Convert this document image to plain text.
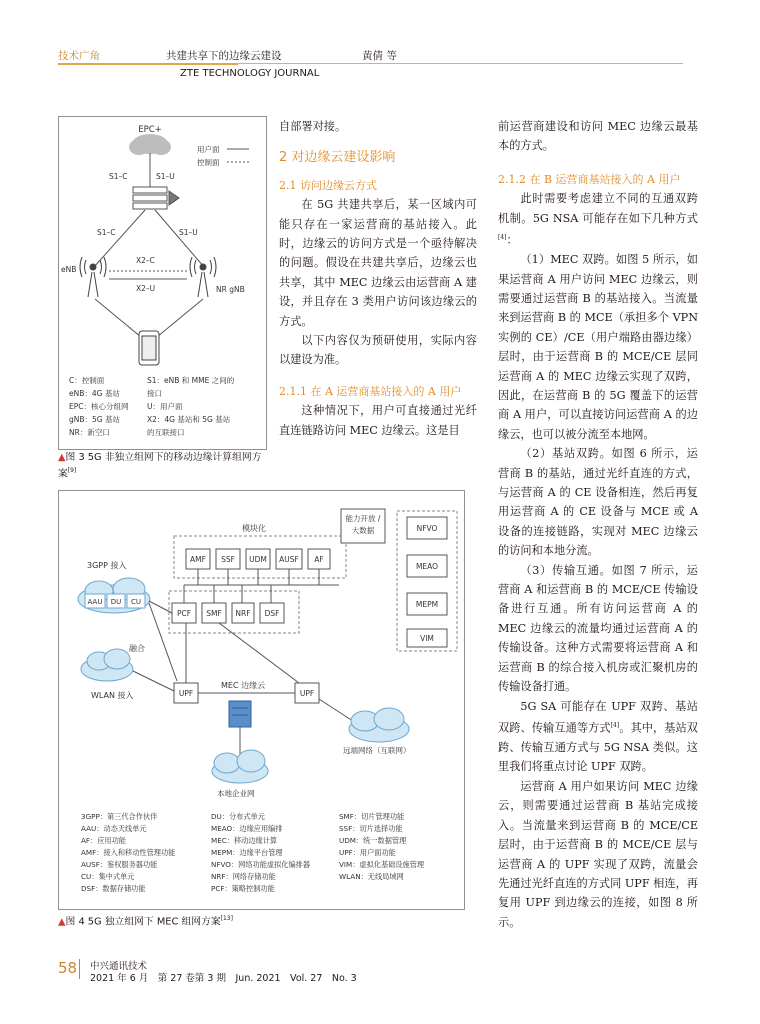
技术广角	共建共享下的边缘云建设	黄倩 等
ZTE TECHNOLOGY JOURNAL
EPC+
用户面
控制面
S1–C	S1–U
S1–C	S1–U
eNB
NR gNB
X2–C
X2–U
C：控制面
eNB：4G 基站
EPC：核心分组网
gNB：5G 基站
NR：新空口
S1：eNB 和 MME 之间的
接口
U：用户面
X2：4G 基站和 5G 基站
的互联接口
▲图 3 5G 非独立组网下的移动边缘计算组网方案[9]

自部署对接。

2 对边缘云建设影响

2.1 访问边缘云方式

在 5G 共建共享后，某一区域内可能只存在一家运营商的基站接入。此时，边缘云的访问方式是一个亟待解决的问题。假设在共建共享后，边缘云也共享，其中 MEC 边缘云由运营商 A 建设，并且存在 3 类用户访问该边缘云的方式。

以下内容仅为预研使用，实际内容以建设为准。

2.1.1 在 A 运营商基站接入的 A 用户

这种情况下，用户可直接通过光纤直连链路访问 MEC 边缘云。这是目

前运营商建设和访问 MEC 边缘云最基本的方式。

2.1.2 在 B 运营商基站接入的 A 用户

此时需要考虑建立不同的互通双跨机制。5G NSA 可能存在如下几种方式[4]：

（1）MEC 双跨。如图 5 所示，如果运营商 A 用户访问 MEC 边缘云，则需要通过运营商 B 的基站接入。当流量来到运营商 B 的 MCE（承担多个 VPN 实例的 CE）/CE（用户端路由器边缘）层时，由于运营商 B 的 MCE/CE 层同运营商 A 的 MEC 边缘云实现了双跨，因此，在运营商 B 的 5G 覆盖下的运营商 A 用户，可以直接访问运营商 A 的边缘云，也可以被分流至本地网。

（2）基站双跨。如图 6 所示，运营商 B 的基站，通过光纤直连的方式，与运营商 A 的 CE 设备相连，然后再复用运营商 A 的 CE 设备与 MCE 或 A 设备的连接链路，实现对 MEC 边缘云的访问和本地分流。

（3）传输互通。如图 7 所示，运营商 A 和运营商 B 的 MCE/CE 传输设备进行互通。所有访问运营商 A 的 MEC 边缘云的流量均通过运营商 A 的传输设备。这种方式需要将运营商 A 和运营商 B 的综合接入机房或汇聚机房的传输设备打通。

5G SA 可能存在 UPF 双跨、基站双跨、传输互通等方式[4]。其中，基站双跨、传输互通方式与 5G NSA 类似。这里我们将重点讨论 UPF 双跨。

运营商 A 用户如果访问 MEC 边缘云，则需要通过运营商 B 基站完成接入。当流量来到运营商 B 的 MCE/CE 层时，由于运营商 B 的 MCE/CE 层与运营商 A 的 UPF 实现了双跨，流量会先通过光纤直连的方式同 UPF 相连，再复用 UPF 到边缘云的连接，如图 8 所示。

模块化
能力开放 /
大数据
AMF SSF UDM AUSF AF
PCF SMF NRF DSF
NFVO
MEAO
MEPM
VIM
3GPP 接入
AAU DU CU
融合
WLAN 接入	UPF	UPF
MEC 边缘云
远端网络（互联网）
本地企业网
3GPP：第三代合作伙伴
AAU：动态天线单元
AF：应用功能
AMF：接入和移动性管理功能
AUSF：鉴权服务器功能
CU：集中式单元
DSF：数据存储功能
DU：分布式单元
MEAO：边缘应用编排
MEC：移动边缘计算
MEPM：边缘平台管理
NFVO：网络功能虚拟化编排器
NRF：网络存储功能
PCF：策略控制功能
SMF：切片管理功能
SSF：切片选择功能
UDM：统一数据管理
UPF：用户面功能
VIM：虚拟化基础设施管理
WLAN：无线局域网
▲图 4 5G 独立组网下 MEC 组网方案[13]
58 中兴通讯技术
2021 年 6 月　第 27 卷第 3 期　Jun. 2021　Vol. 27　No. 3
